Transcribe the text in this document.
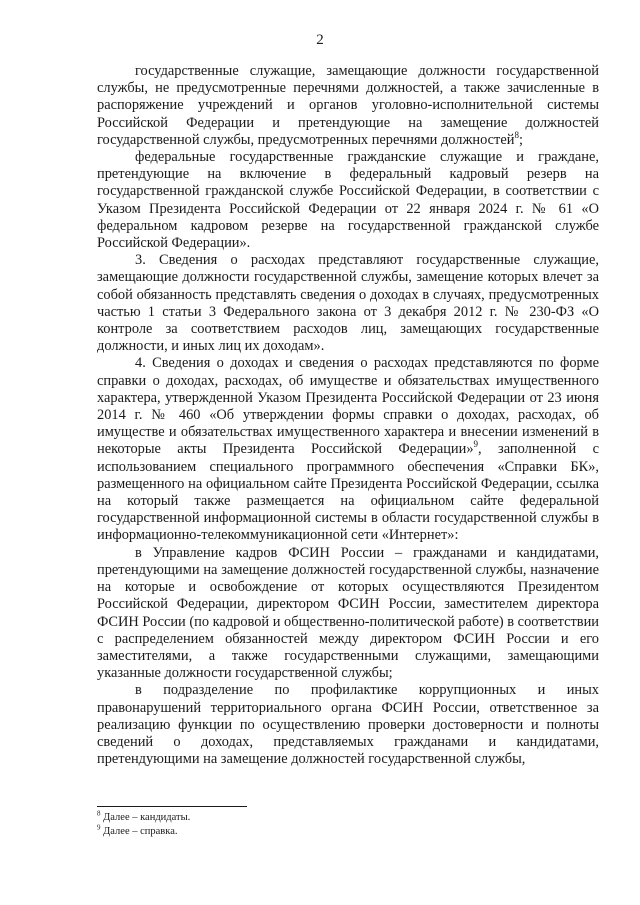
2

государственные служащие, замещающие должности государственной службы, не предусмотренные перечнями должностей, а также зачисленные в распоряжение учреждений и органов уголовно-исполнительной системы Российской Федерации и претендующие на замещение должностей государственной службы, предусмотренных перечнями должностей$^8$;

федеральные государственные гражданские служащие и граждане, претендующие на включение в федеральный кадровый резерв на государственной гражданской службе Российской Федерации, в соответствии с Указом Президента Российской Федерации от 22 января 2024 г. № 61 «О федеральном кадровом резерве на государственной гражданской службе Российской Федерации».

3. Сведения о расходах представляют государственные служащие, замещающие должности государственной службы, замещение которых влечет за собой обязанность представлять сведения о доходах в случаях, предусмотренных частью 1 статьи 3 Федерального закона от 3 декабря 2012 г. № 230-ФЗ «О контроле за соответствием расходов лиц, замещающих государственные должности, и иных лиц их доходам».

4. Сведения о доходах и сведения о расходах представляются по форме справки о доходах, расходах, об имуществе и обязательствах имущественного характера, утвержденной Указом Президента Российской Федерации от 23 июня 2014 г. № 460 «Об утверждении формы справки о доходах, расходах, об имуществе и обязательствах имущественного характера и внесении изменений в некоторые акты Президента Российской Федерации»$^9$, заполненной с использованием специального программного обеспечения «Справки БК», размещенного на официальном сайте Президента Российской Федерации, ссылка на который также размещается на официальном сайте федеральной государственной информационной системы в области государственной службы в информационно-телекоммуникационной сети «Интернет»:

в Управление кадров ФСИН России – гражданами и кандидатами, претендующими на замещение должностей государственной службы, назначение на которые и освобождение от которых осуществляются Президентом Российской Федерации, директором ФСИН России, заместителем директора ФСИН России (по кадровой и общественно-политической работе) в соответствии с распределением обязанностей между директором ФСИН России и его заместителями, а также государственными служащими, замещающими указанные должности государственной службы;

в подразделение по профилактике коррупционных и иных правонарушений территориального органа ФСИН России, ответственное за реализацию функции по осуществлению проверки достоверности и полноты сведений о доходах, представляемых гражданами и кандидатами, претендующими на замещение должностей государственной службы,

$^8$ Далее – кандидаты.

$^9$ Далее – справка.
